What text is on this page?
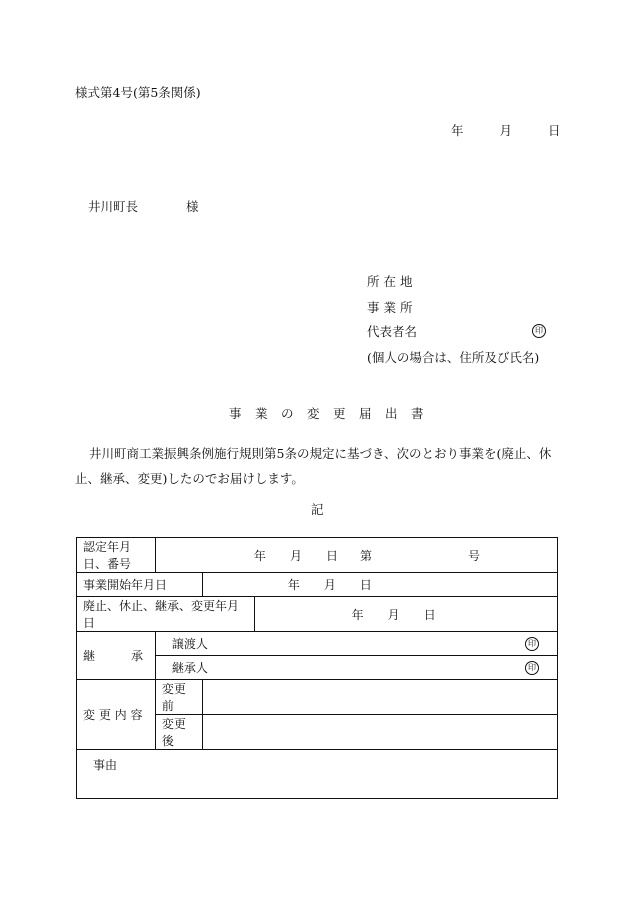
様式第4号(第5条関係)
年	月	日
井川町長	様
所 在 地
事 業 所
代表者名	印
(個人の場合は、住所及び氏名)
事　業　の　変　更　届　出　書
井川町商工業振興条例施行規則第5条の規定に基づき、次のとおり事業を(廃止、休止、継承、変更)したのでお届けします。
記
認定年月日、番号	年 月 日 第 号		
事業開始年月日		年 月 日	
廃止、休止、継承、変更年月日			年 月 日
継　　　承	譲渡人 印		

	継承人 印		

変 更 内 容	変更前		
	変更後		
事由			
